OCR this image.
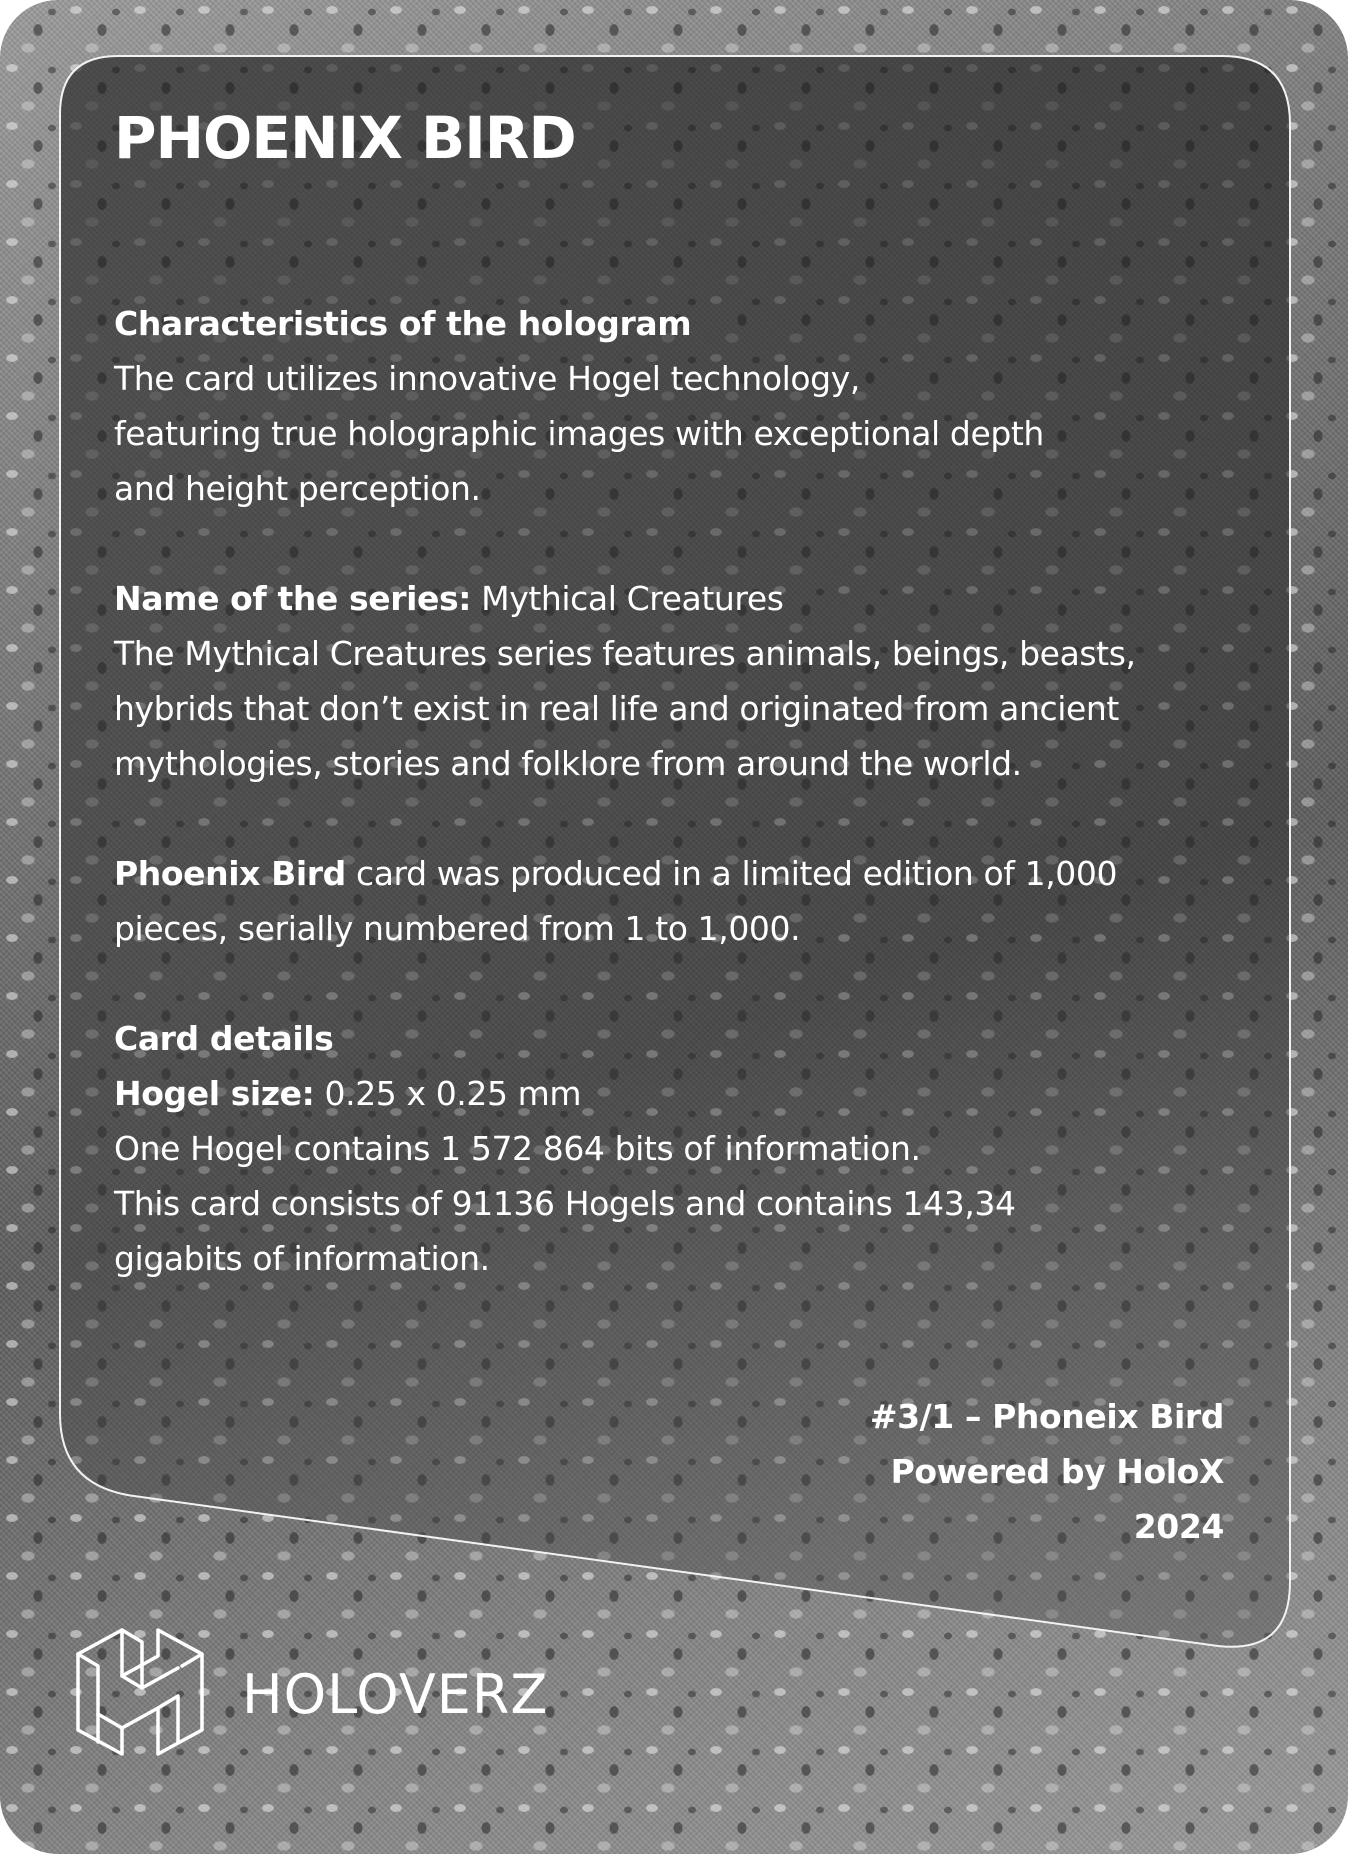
PHOENIX BIRD
Characteristics of the hologram
The card utilizes innovative Hogel technology,
featuring true holographic images with exceptional depth
and height perception.
Name of the series: Mythical Creatures
The Mythical Creatures series features animals, beings, beasts,
hybrids that don’t exist in real life and originated from ancient
mythologies, stories and folklore from around the world.
Phoenix Bird card was produced in a limited edition of 1,000
pieces, serially numbered from 1 to 1,000.
Card details
Hogel size: 0.25 x 0.25 mm
One Hogel contains 1 572 864 bits of information.
This card consists of 91136 Hogels and contains 143,34
gigabits of information.
#3/1 – Phoneix Bird
Powered by HoloX
2024
HOLOVERZ
